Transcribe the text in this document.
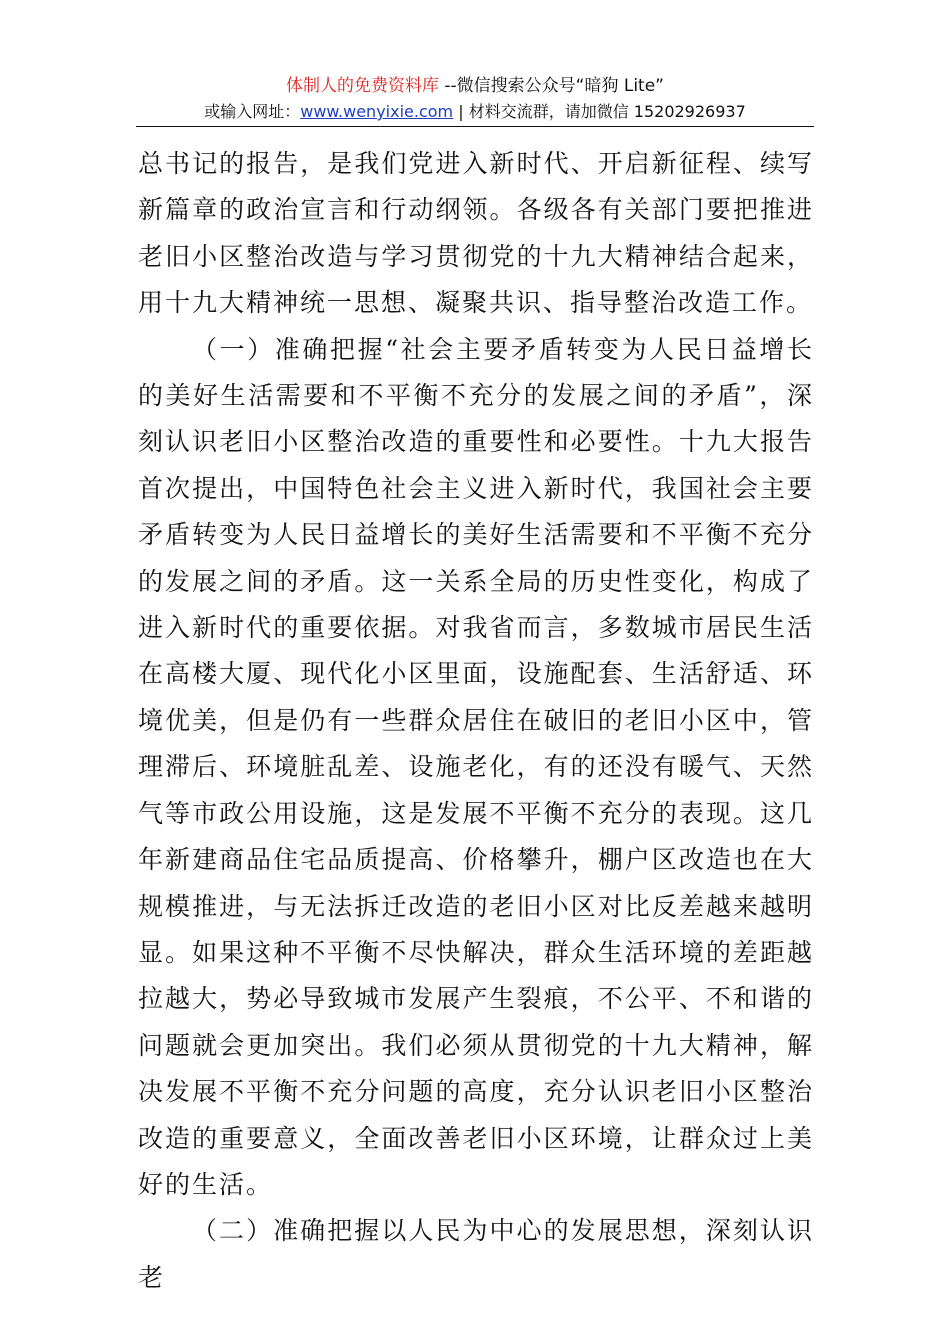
体制人的免费资料库 --微信搜索公众号“暗狗 Lite”
或输入网址：www.wenyixie.com | 材料交流群，请加微信 15202926937

总书记的报告，是我们党进入新时代、开启新征程、续写新篇章的政治宣言和行动纲领。各级各有关部门要把推进老旧小区整治改造与学习贯彻党的十九大精神结合起来，用十九大精神统一思想、凝聚共识、指导整治改造工作。

（一）准确把握“社会主要矛盾转变为人民日益增长的美好生活需要和不平衡不充分的发展之间的矛盾”，深刻认识老旧小区整治改造的重要性和必要性。十九大报告首次提出，中国特色社会主义进入新时代，我国社会主要矛盾转变为人民日益增长的美好生活需要和不平衡不充分的发展之间的矛盾。这一关系全局的历史性变化，构成了进入新时代的重要依据。对我省而言，多数城市居民生活在高楼大厦、现代化小区里面，设施配套、生活舒适、环境优美，但是仍有一些群众居住在破旧的老旧小区中，管理滞后、环境脏乱差、设施老化，有的还没有暖气、天然气等市政公用设施，这是发展不平衡不充分的表现。这几年新建商品住宅品质提高、价格攀升，棚户区改造也在大规模推进，与无法拆迁改造的老旧小区对比反差越来越明显。如果这种不平衡不尽快解决，群众生活环境的差距越拉越大，势必导致城市发展产生裂痕，不公平、不和谐的问题就会更加突出。我们必须从贯彻党的十九大精神，解决发展不平衡不充分问题的高度，充分认识老旧小区整治改造的重要意义，全面改善老旧小区环境，让群众过上美好的生活。

（二）准确把握以人民为中心的发展思想，深刻认识老
